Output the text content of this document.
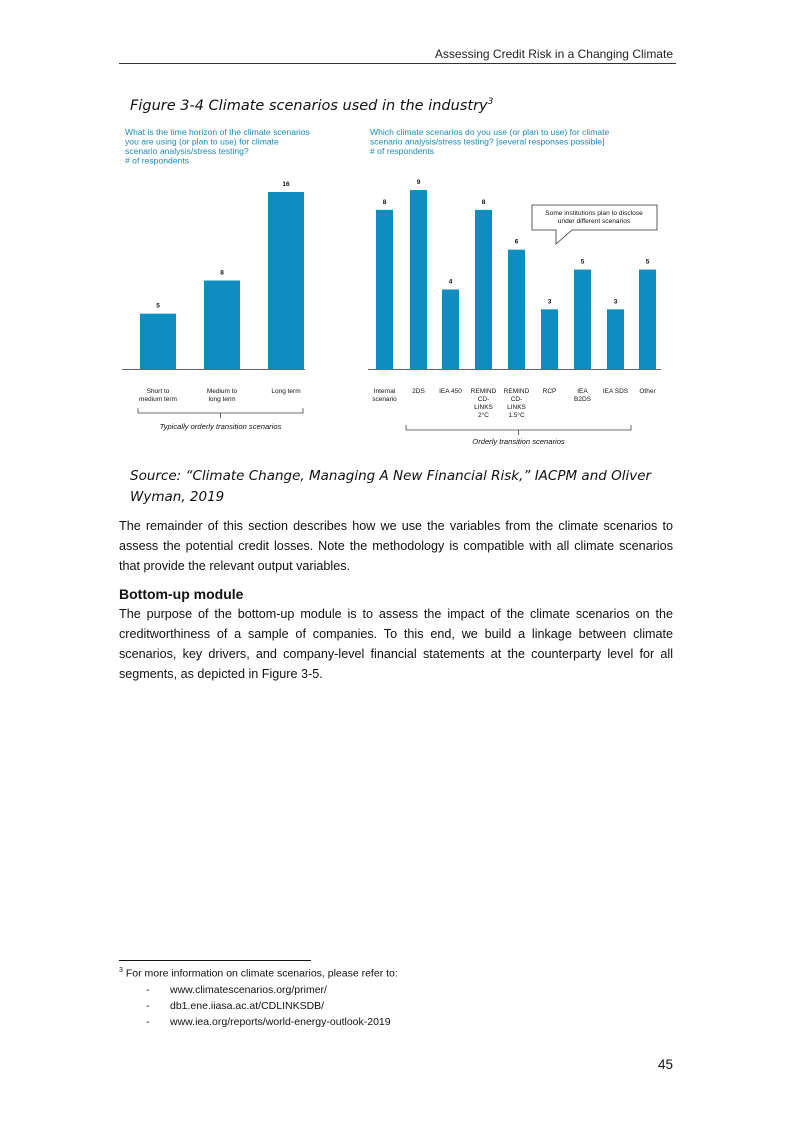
Assessing Credit Risk in a Changing Climate
Figure 3-4 Climate scenarios used in the industry$^3$
What is the time horizon of the climate scenarios
you are using (or plan to use) for climate
scenario analysis/stress testing?
# of respondents
5
Short to
medium term
8
Medium to
long term
16
Long term
Typically orderly transition scenarios
Which climate scenarios do you use (or plan to use) for climate
scenario analysis/stress testing? [several responses possible]
# of respondents
8
Internal
scenario
9
2DS
4
IEA 450
8
REMIND
CD-
LINKS
2°C
6
REMIND
CD-
LINKS
1.5°C
3
RCP
5
IEA
B2DS
3
IEA SDS
5
Other
Orderly transition scenarios
Some institutions plan to disclose
under different scenarios
Source: “Climate Change, Managing A New Financial Risk,” IACPM and Oliver Wyman, 2019

The remainder of this section describes how we use the variables from the climate scenarios to assess the potential credit losses. Note the methodology is compatible with all climate scenarios that provide the relevant output variables.

Bottom-up module

The purpose of the bottom-up module is to assess the impact of the climate scenarios on the creditworthiness of a sample of companies. To this end, we build a linkage between climate scenarios, key drivers, and company-level financial statements at the counterparty level for all segments, as depicted in Figure 3-5.

$^3$ For more information on climate scenarios, please refer to:
- www.climatescenarios.org/primer/
- db1.ene.iiasa.ac.at/CDLINKSDB/
- www.iea.org/reports/world-energy-outlook-2019
45
